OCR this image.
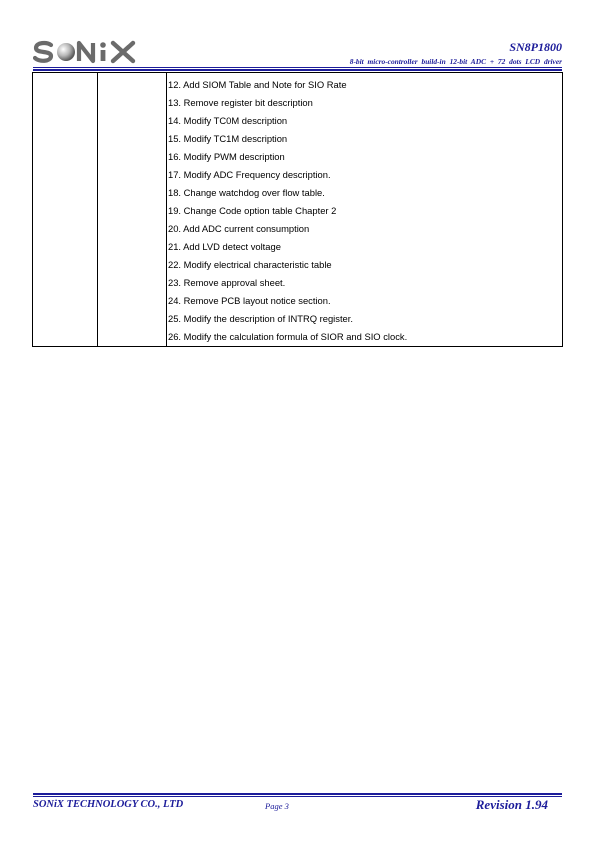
SN8P1800
8-bit micro-controller build-in 12-bit ADC + 72 dots LCD driver

12. Add SIOM Table and Note for SIO Rate
13. Remove register bit description
14. Modify TC0M description
15. Modify TC1M description
16. Modify PWM description
17. Modify ADC Frequency description.
18. Change watchdog over flow table.
19. Change Code option table Chapter 2
20. Add ADC current consumption
21. Add LVD detect voltage
22. Modify electrical characteristic table
23. Remove approval sheet.
24. Remove PCB layout notice section.
25. Modify the description of INTRQ register.
26. Modify the calculation formula of SIOR and SIO clock.
SONiX TECHNOLOGY CO., LTD	Page 3	Revision 1.94
